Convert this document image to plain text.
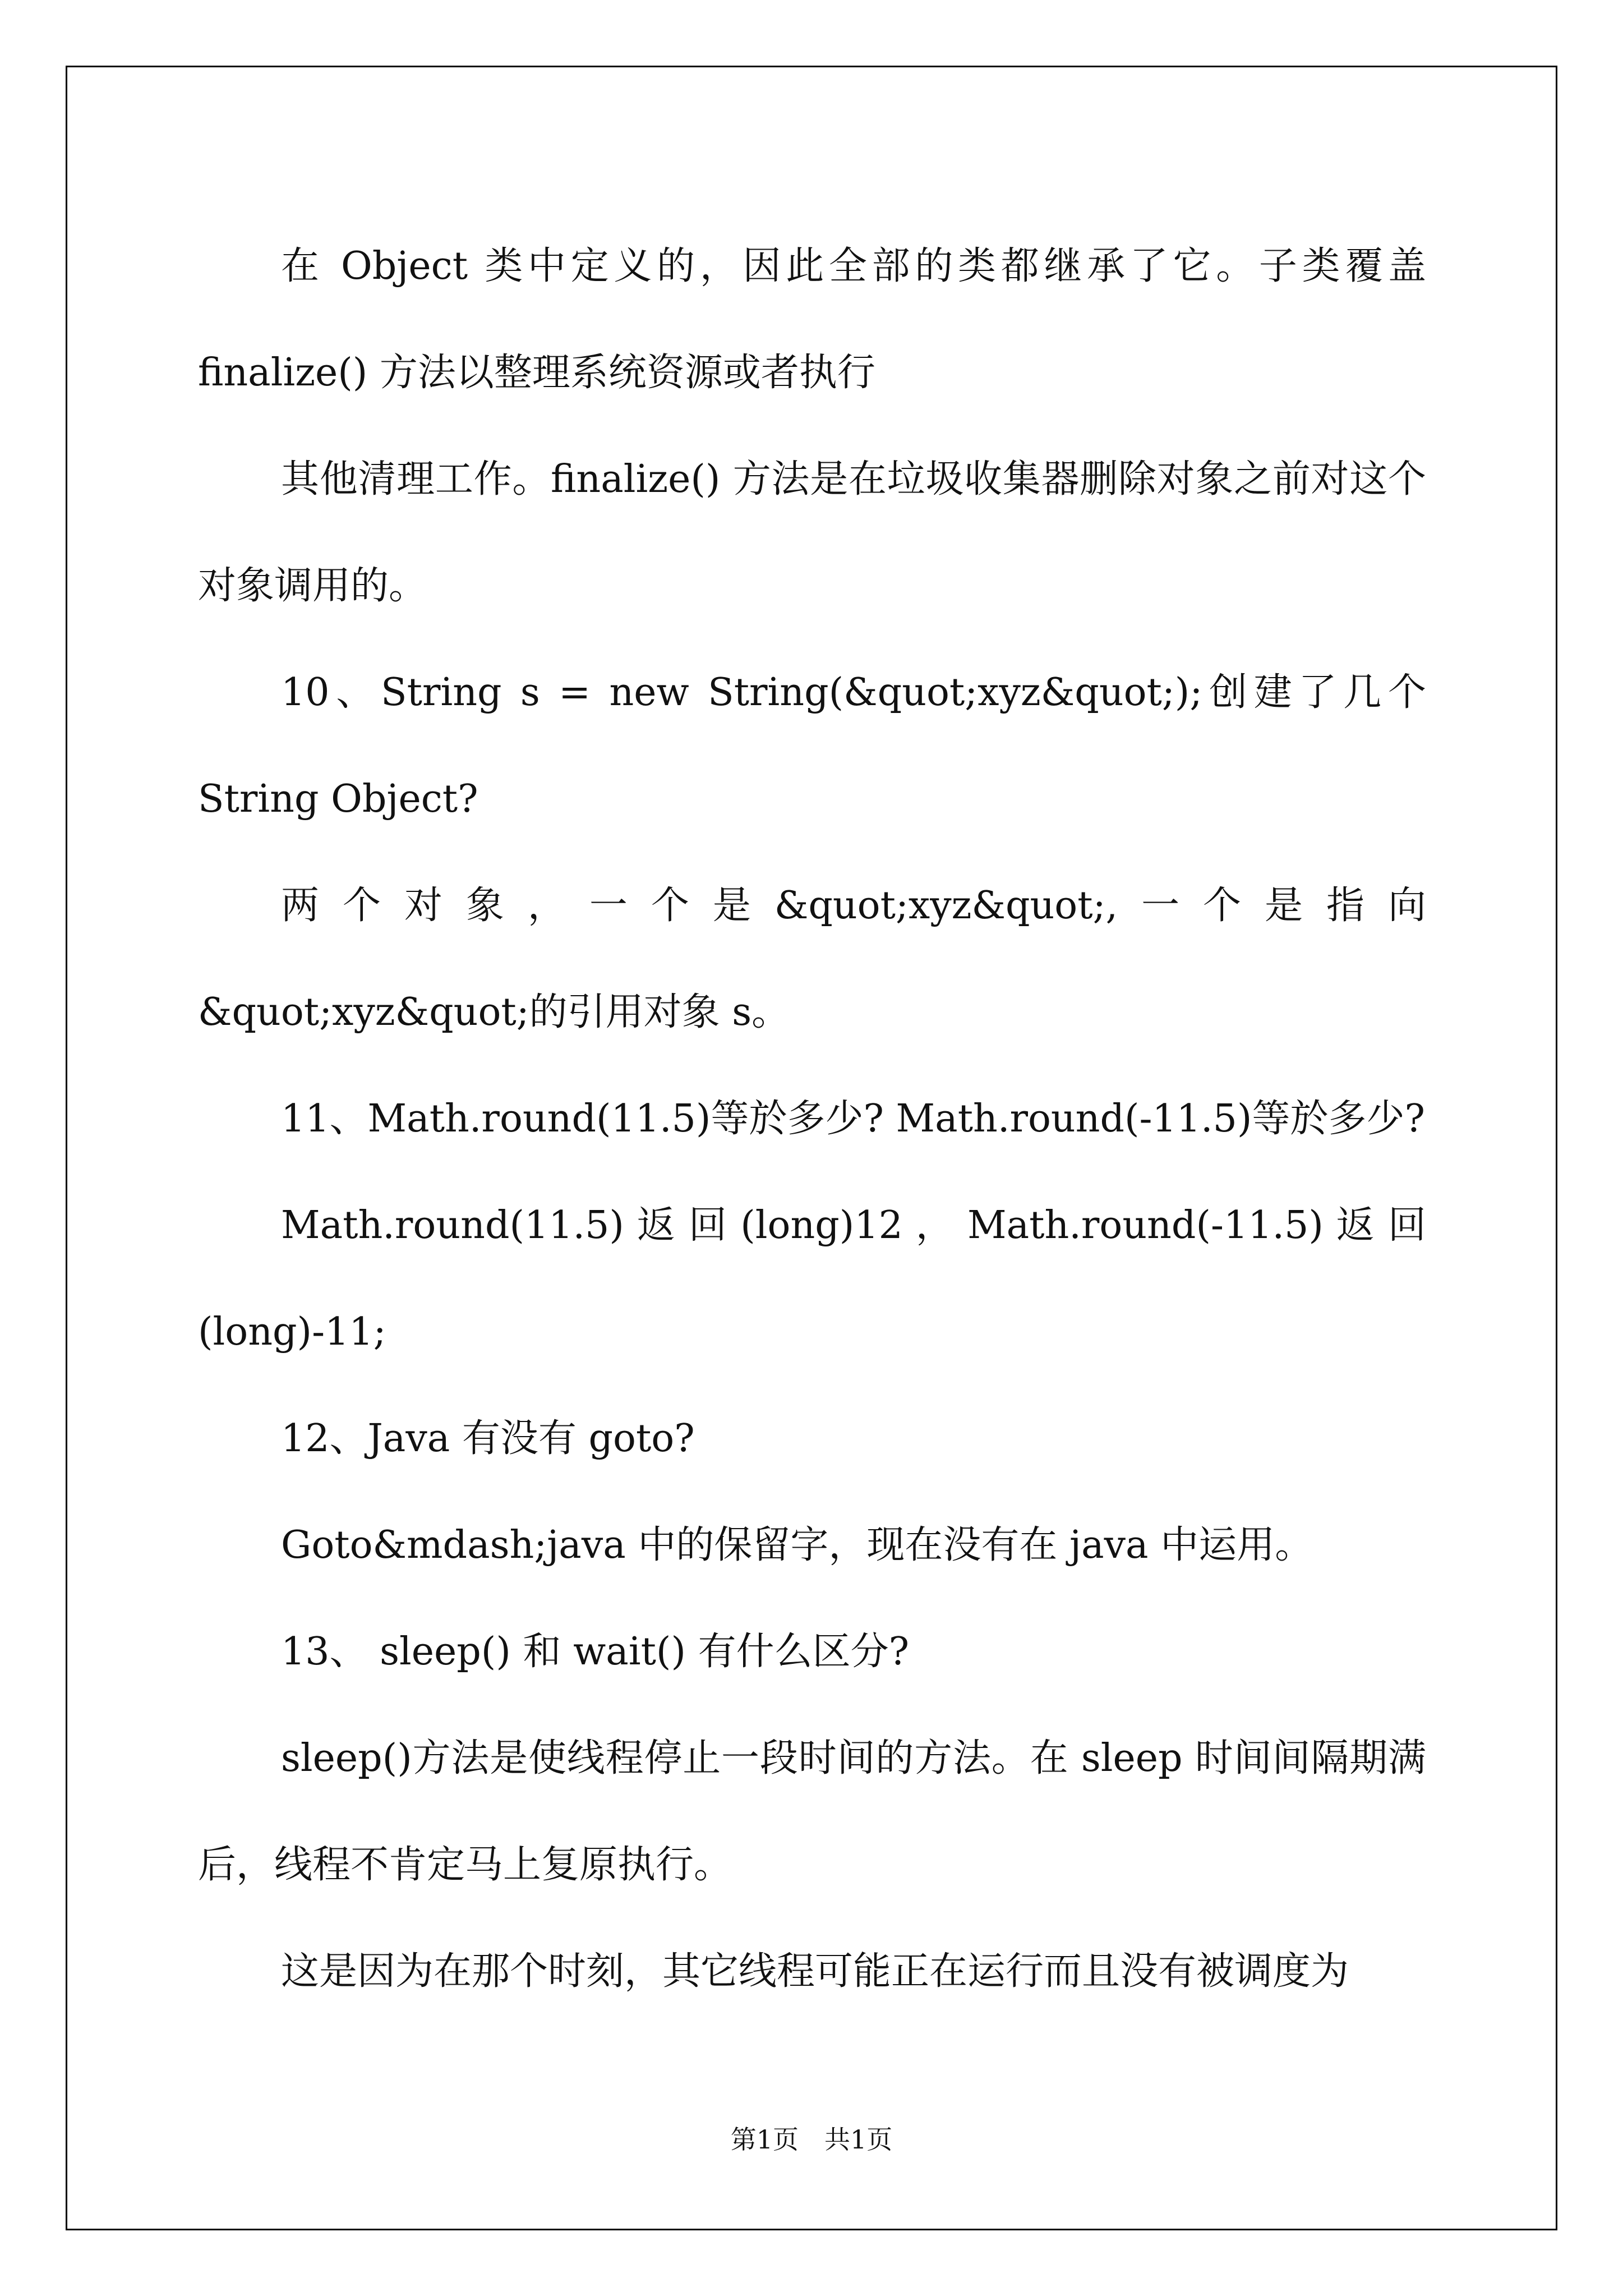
在 Object 类中定义的，因此全部的类都继承了它。子类覆盖finalize() 方法以整理系统资源或者执行

其他清理工作。finalize() 方法是在垃圾收集器删除对象之前对这个对象调用的。

10、String s = new String(&quot;xyz&quot;);创建了几个String Object?

两个对象，一个是&quot;xyz&quot;,一个是指向&quot;xyz&quot;的引用对象 s。

11、Math.round(11.5)等於多少? Math.round(-11.5)等於多少?

Math.round(11.5) 返 回 (long)12 ， Math.round(-11.5) 返 回 (long)-11;

12、Java 有没有 goto?

Goto&mdash;java 中的保留字，现在没有在 java 中运用。

13、 sleep() 和 wait() 有什么区分?

sleep()方法是使线程停止一段时间的方法。在 sleep 时间间隔期满后，线程不肯定马上复原执行。

这是因为在那个时刻，其它线程可能正在运行而且没有被调度为

第1页　共1页
